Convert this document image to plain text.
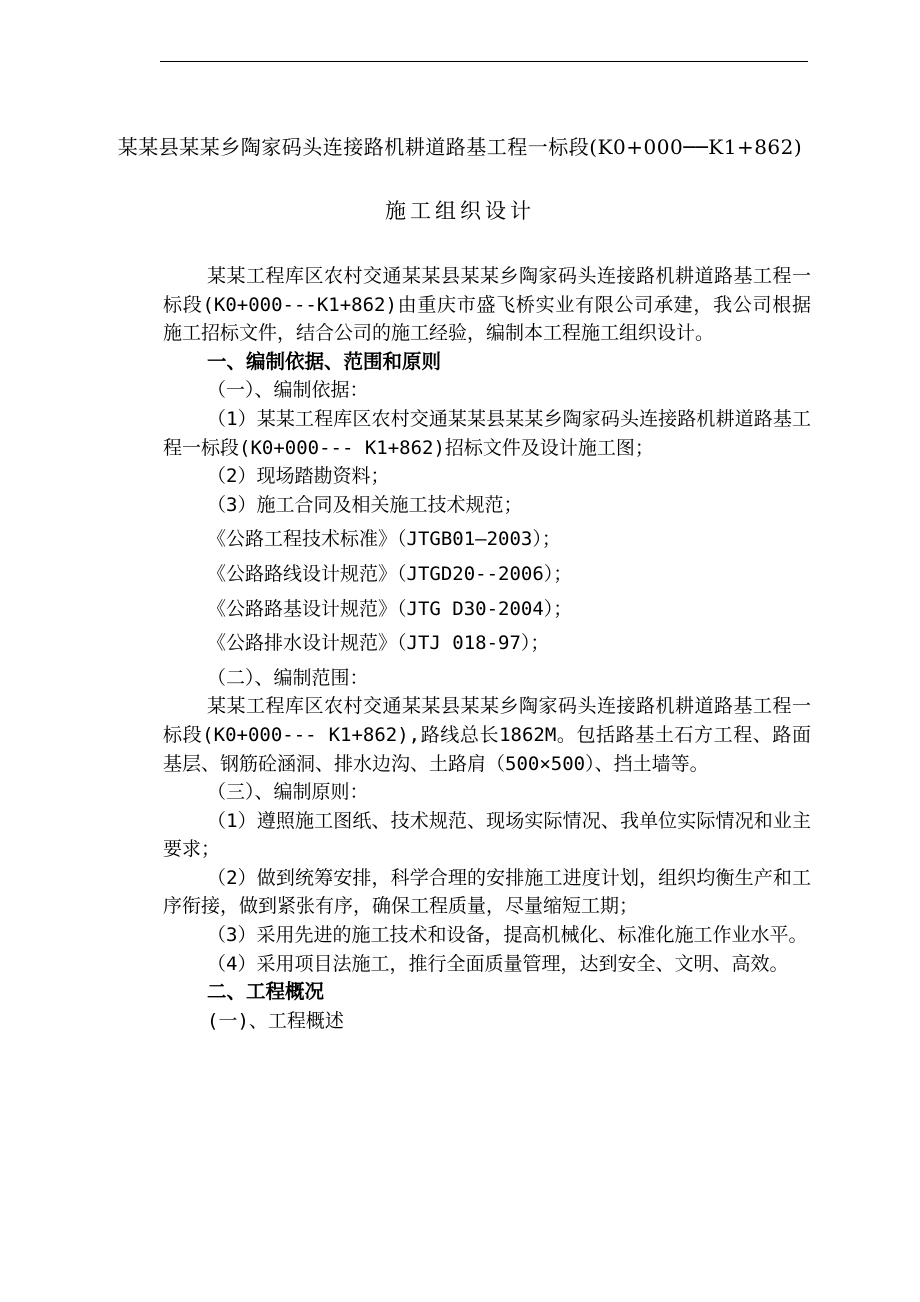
某某县某某乡陶家码头连接路机耕道路基工程一标段(K0+000──K1+862)
施工组织设计

某某工程库区农村交通某某县某某乡陶家码头连接路机耕道路基工程一标段(K0+000---K1+862)由重庆市盛飞桥实业有限公司承建，我公司根据施工招标文件，结合公司的施工经验，编制本工程施工组织设计。

一、编制依据、范围和原则

（一）、编制依据：

（1）某某工程库区农村交通某某县某某乡陶家码头连接路机耕道路基工程一标段(K0+000--- K1+862)招标文件及设计施工图；

（2）现场踏勘资料；

（3）施工合同及相关施工技术规范；

《公路工程技术标准》（JTGB01—2003）；

《公路路线设计规范》（JTGD20--2006）；

《公路路基设计规范》（JTG D30-2004）；

《公路排水设计规范》（JTJ 018-97）；

（二）、编制范围：

某某工程库区农村交通某某县某某乡陶家码头连接路机耕道路基工程一标段(K0+000--- K1+862),路线总长1862M。包括路基土石方工程、路面基层、钢筋砼涵洞、排水边沟、土路肩（500×500）、挡土墙等。

（三）、编制原则：

（1）遵照施工图纸、技术规范、现场实际情况、我单位实际情况和业主要求；

（2）做到统筹安排，科学合理的安排施工进度计划，组织均衡生产和工序衔接，做到紧张有序，确保工程质量，尽量缩短工期；

（3）采用先进的施工技术和设备，提高机械化、标准化施工作业水平。

（4）采用项目法施工，推行全面质量管理，达到安全、文明、高效。

二、工程概况

(一)、工程概述
